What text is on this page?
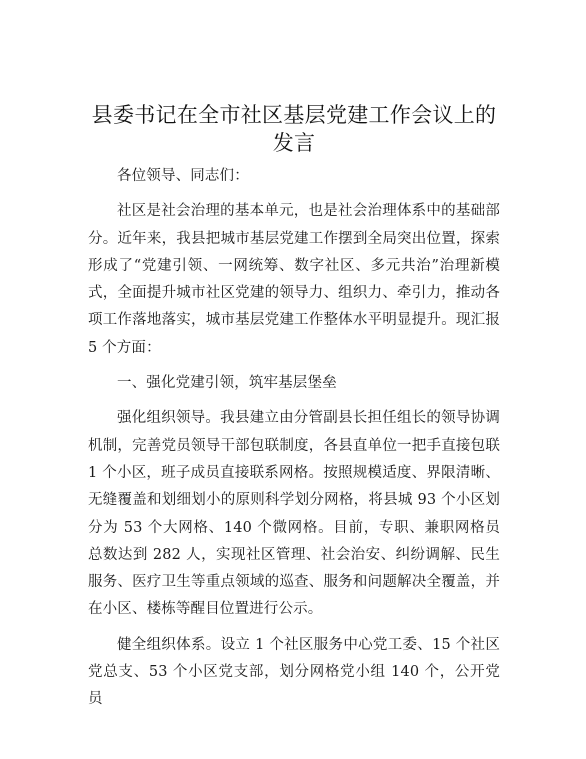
县委书记在全市社区基层党建工作会议上的发言

各位领导、同志们：

社区是社会治理的基本单元，也是社会治理体系中的基础部分。近年来，我县把城市基层党建工作摆到全局突出位置，探索形成了“党建引领、一网统筹、数字社区、多元共治”治理新模式，全面提升城市社区党建的领导力、组织力、牵引力，推动各项工作落地落实，城市基层党建工作整体水平明显提升。现汇报 5 个方面：

一、强化党建引领，筑牢基层堡垒

强化组织领导。我县建立由分管副县长担任组长的领导协调机制，完善党员领导干部包联制度，各县直单位一把手直接包联 1 个小区，班子成员直接联系网格。按照规模适度、界限清晰、无缝覆盖和划细划小的原则科学划分网格，将县城 93 个小区划分为 53 个大网格、140 个微网格。目前，专职、兼职网格员总数达到 282 人，实现社区管理、社会治安、纠纷调解、民生服务、医疗卫生等重点领域的巡查、服务和问题解决全覆盖，并在小区、楼栋等醒目位置进行公示。

健全组织体系。设立 1 个社区服务中心党工委、15 个社区党总支、53 个小区党支部，划分网格党小组 140 个，公开党员
